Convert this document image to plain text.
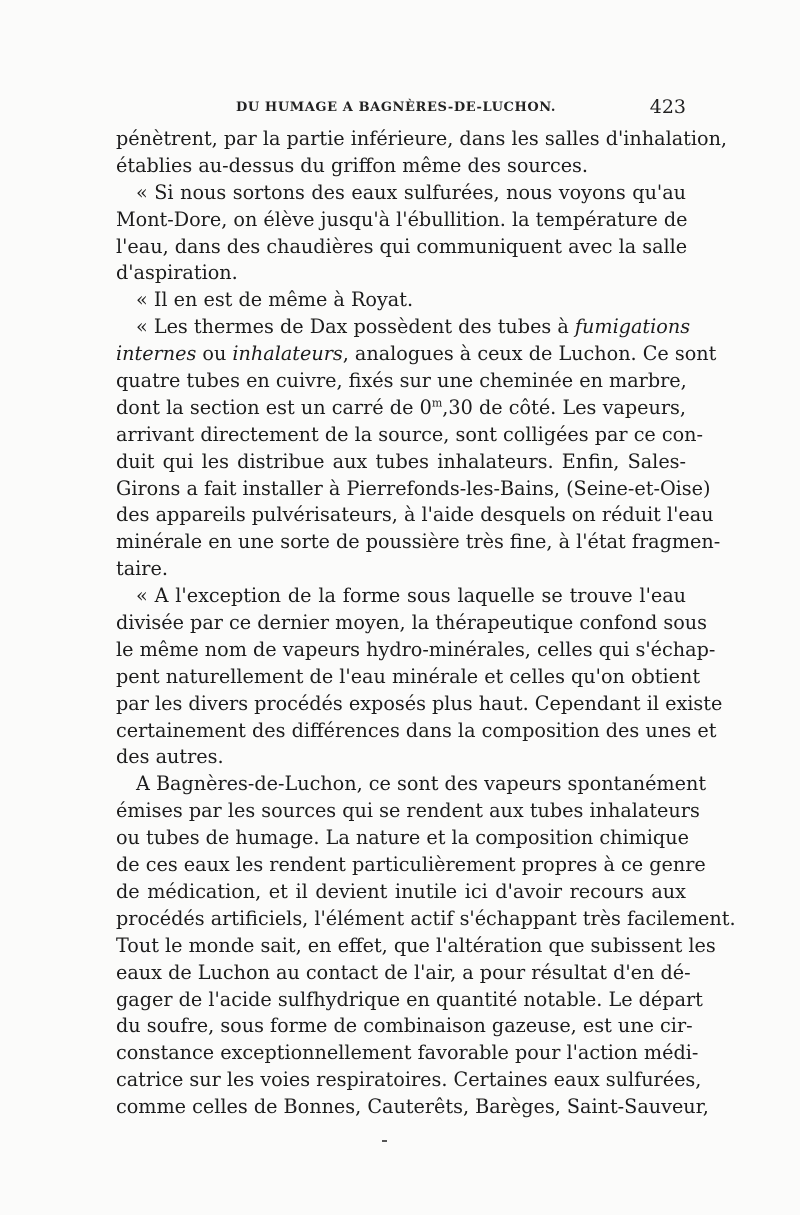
DU HUMAGE A BAGNÈRES-DE-LUCHON.	423
pénètrent, par la partie inférieure, dans les salles d'inhalation,
établies au-dessus du griffon même des sources.
« Si nous sortons des eaux sulfurées, nous voyons qu'au
Mont-Dore, on élève jusqu'à l'ébullition. la température de
l'eau, dans des chaudières qui communiquent avec la salle
d'aspiration.
« Il en est de même à Royat.
« Les thermes de Dax possèdent des tubes à fumigations
internes ou inhalateurs, analogues à ceux de Luchon. Ce sont
quatre tubes en cuivre, fixés sur une cheminée en marbre,
dont la section est un carré de 0$^m$,30 de côté. Les vapeurs,
arrivant directement de la source, sont colligées par ce con-
duit qui les distribue aux tubes inhalateurs. Enfin, Sales-
Girons a fait installer à Pierrefonds-les-Bains, (Seine-et-Oise)
des appareils pulvérisateurs, à l'aide desquels on réduit l'eau
minérale en une sorte de poussière très fine, à l'état fragmen-
taire.
« A l'exception de la forme sous laquelle se trouve l'eau
divisée par ce dernier moyen, la thérapeutique confond sous
le même nom de vapeurs hydro-minérales, celles qui s'échap-
pent naturellement de l'eau minérale et celles qu'on obtient
par les divers procédés exposés plus haut. Cependant il existe
certainement des différences dans la composition des unes et
des autres.
A Bagnères-de-Luchon, ce sont des vapeurs spontanément
émises par les sources qui se rendent aux tubes inhalateurs
ou tubes de humage. La nature et la composition chimique
de ces eaux les rendent particulièrement propres à ce genre
de médication, et il devient inutile ici d'avoir recours aux
procédés artificiels, l'élément actif s'échappant très facilement.
Tout le monde sait, en effet, que l'altération que subissent les
eaux de Luchon au contact de l'air, a pour résultat d'en dé-
gager de l'acide sulfhydrique en quantité notable. Le départ
du soufre, sous forme de combinaison gazeuse, est une cir-
constance exceptionnellement favorable pour l'action médi-
catrice sur les voies respiratoires. Certaines eaux sulfurées,
comme celles de Bonnes, Cauterêts, Barèges, Saint-Sauveur,
